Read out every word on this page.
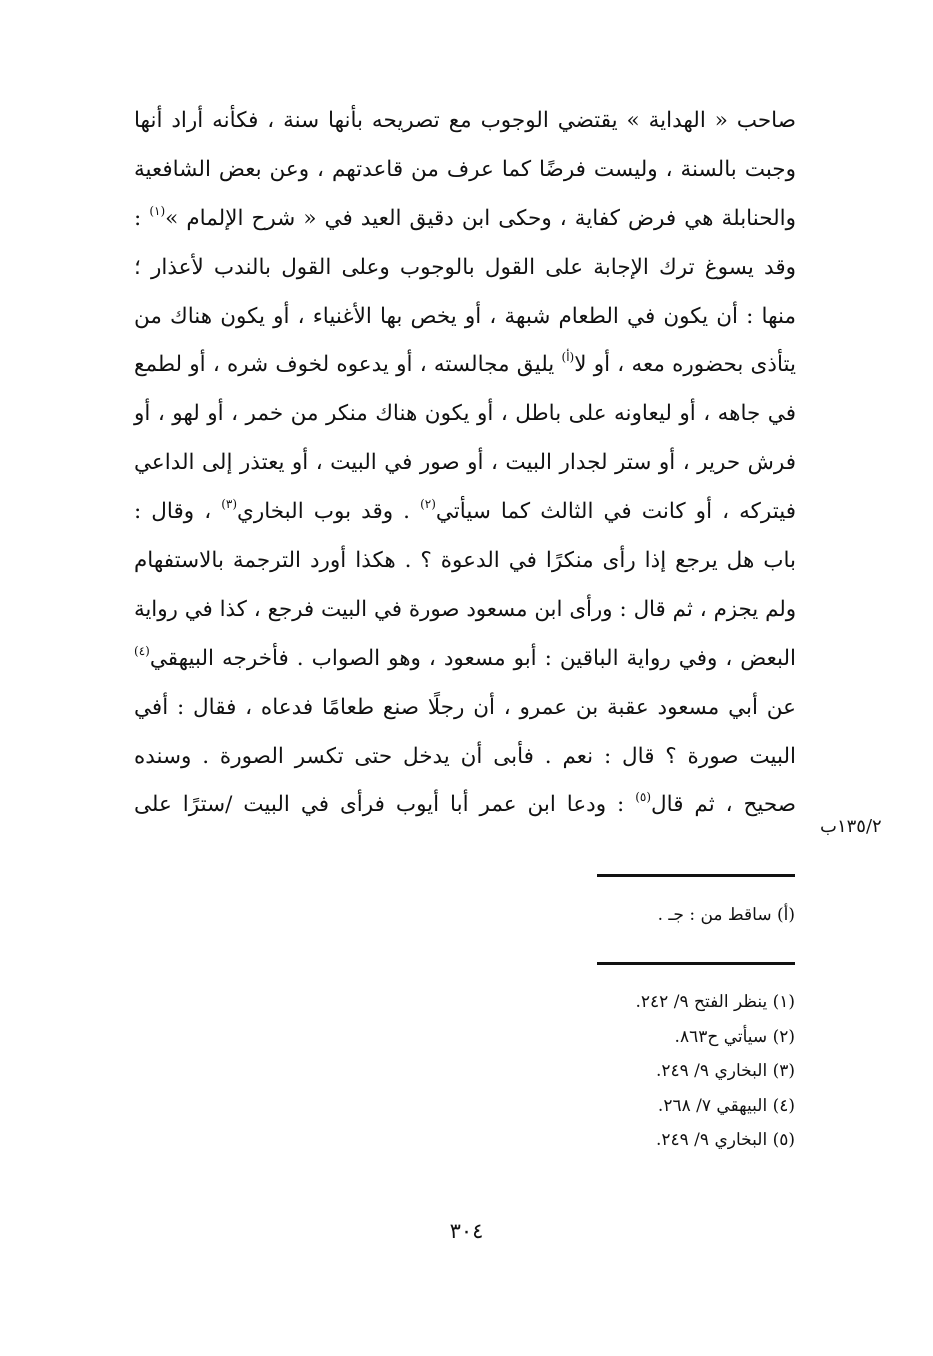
صاحب « الهداية » يقتضي الوجوب مع تصريحه بأنها سنة ، فكأنه أراد أنها
وجبت بالسنة ، وليست فرضًا كما عرف من قاعدتهم ، وعن بعض الشافعية
والحنابلة هي فرض كفاية ، وحكى ابن دقيق العيد في « شرح الإلمام »$^{(١)}$ :
وقد يسوغ ترك الإجابة على القول بالوجوب وعلى القول بالندب لأعذار ؛
منها : أن يكون في الطعام شبهة ، أو يخص بها الأغنياء ، أو يكون هناك من
يتأذى بحضوره معه ، أو لا$^{(أ)}$ يليق مجالسته ، أو يدعوه لخوف شره ، أو لطمع
في جاهه ، أو ليعاونه على باطل ، أو يكون هناك منكر من خمر ، أو لهو ، أو
فرش حرير ، أو ستر لجدار البيت ، أو صور في البيت ، أو يعتذر إلى الداعي
فيتركه ، أو كانت في الثالث كما سيأتي$^{(٢)}$ . وقد بوب البخاري$^{(٣)}$ ، وقال :
باب هل يرجع إذا رأى منكرًا في الدعوة ؟ . هكذا أورد الترجمة بالاستفهام
ولم يجزم ، ثم قال : ورأى ابن مسعود صورة في البيت فرجع ، كذا في رواية
البعض ، وفي رواية الباقين : أبو مسعود ، وهو الصواب . فأخرجه البيهقي$^{(٤)}$
عن أبي مسعود عقبة بن عمرو ، أن رجلًا صنع طعامًا فدعاه ، فقال : أفي
البيت صورة ؟ قال : نعم . فأبى أن يدخل حتى تكسر الصورة . وسنده
صحيح ، ثم قال$^{(٥)}$ : ودعا ابن عمر أبا أيوب فرأى في البيت /سترًا على
١٣٥/٢ب
(أ) ساقط من : جـ .
(١) ينظر الفتح ٩/ ٢٤٢.
(٢) سيأتي ح٨٦٣.
(٣) البخاري ٩/ ٢٤٩.
(٤) البيهقي ٧/ ٢٦٨.
(٥) البخاري ٩/ ٢٤٩.
٣٠٤
